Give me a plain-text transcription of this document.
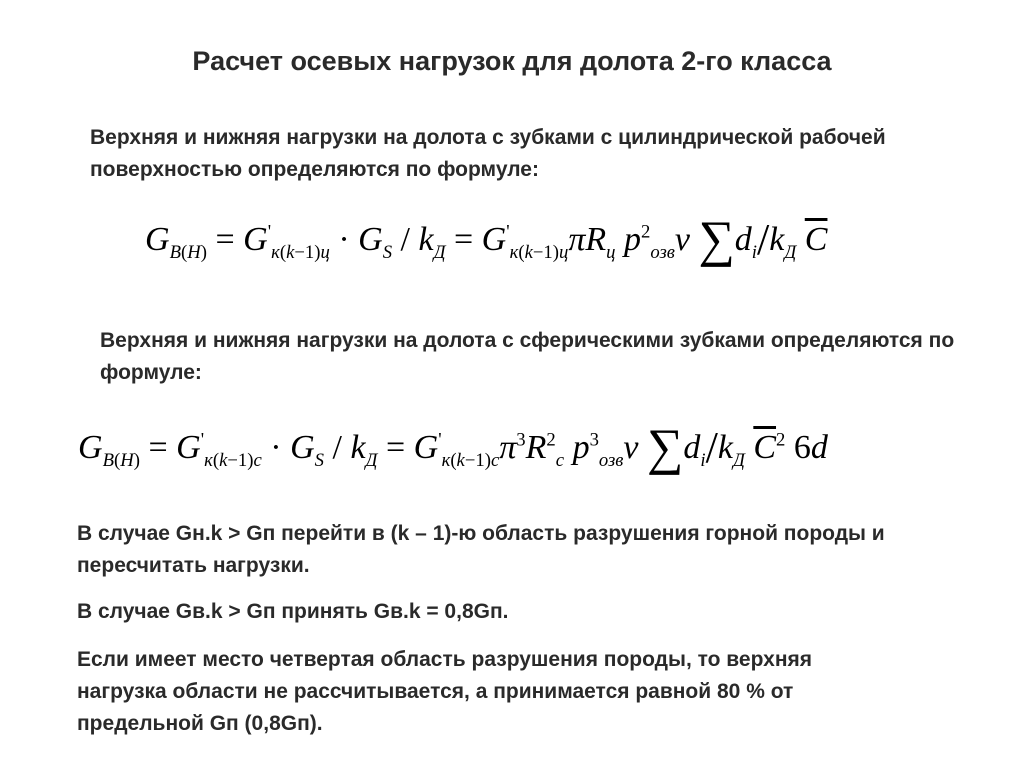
Расчет осевых нагрузок для долота 2-го класса
Верхняя и нижняя нагрузки на долота с зубками с цилиндрической рабочей поверхностью определяются по формуле:
$G_{В(Н)} = G'_{к(k-1)ц} \cdot G_S / k_Д = G'_{к(k-1)ц}\pi R_ц$ $p^2_{озв}\nu$ $\sum d_i/k_Д$ $\overline{C}$
Верхняя и нижняя нагрузки на долота с сферическими зубками определяются по формуле:
$G_{В(Н)} = G'_{к(k-1)с} \cdot G_S / k_Д = G'_{к(k-1)с}\pi^3R^2_с$ $p^3_{озв}\nu$ $\sum d_i/k_Д$ $\overline{C}^2$ 6d
В случае Gн.k > Gп перейти в (k – 1)-ю область разрушения горной породы и пересчитать нагрузки.
В случае Gв.k > Gп принять Gв.k = 0,8Gп.
Если имеет место четвертая область разрушения породы, то верхняя нагрузка области не рассчитывается, а принимается равной 80 % от предельной Gп (0,8Gп).
